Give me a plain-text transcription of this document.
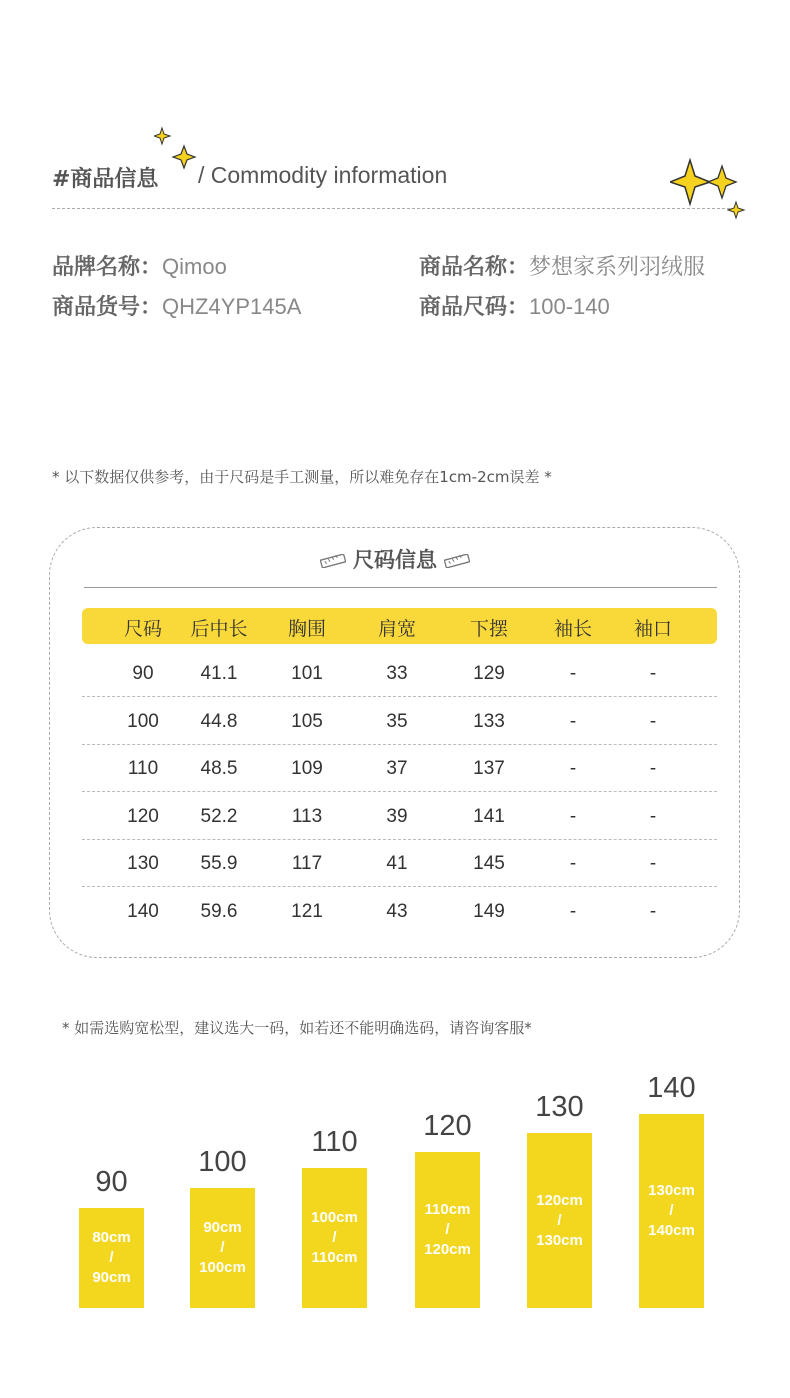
#商品信息 / Commodity information
品牌名称：Qimoo	商品名称：梦想家系列羽绒服
商品货号：QHZ4YP145A	商品尺码：100-140
* 以下数据仅供参考，由于尺码是手工测量，所以难免存在1cm-2cm误差 *
尺码信息
尺码	后中长	胸围	肩宽	下摆	袖长	袖口
90	41.1	101	33	129	-	-
100	44.8	105	35	133	-	-
110	48.5	109	37	137	-	-
120	52.2	113	39	141	-	-
130	55.9	117	41	145	-	-
140	59.6	121	43	149	-	-
* 如需选购宽松型，建议选大一码，如若还不能明确选码，请咨询客服*
90
80cm
/
90cm
100
90cm
/
100cm
110
100cm
/
110cm
120
110cm
/
120cm
130
120cm
/
130cm
140
130cm
/
140cm
